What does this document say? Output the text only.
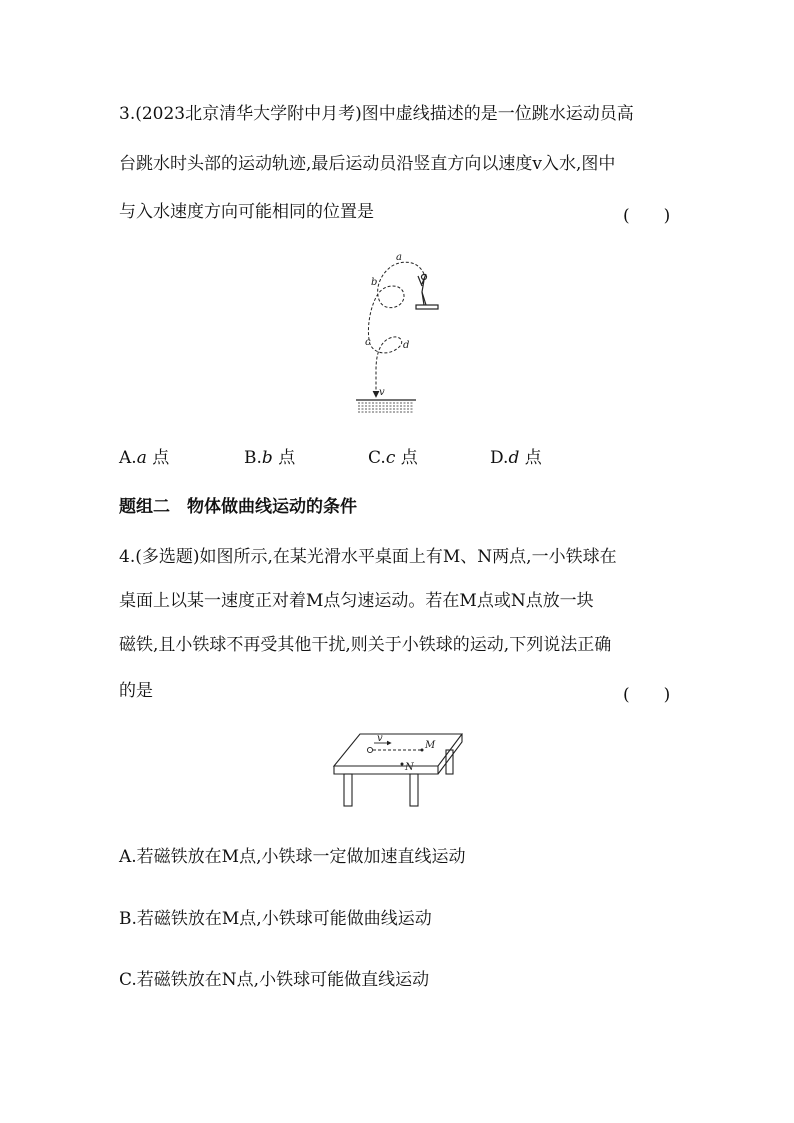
3.(2023北京清华大学附中月考)图中虚线描述的是一位跳水运动员高
台跳水时头部的运动轨迹,最后运动员沿竖直方向以速度v入水,图中
与入水速度方向可能相同的位置是	(　　)
a
b
c	d
v
A.a 点	B.b 点	C.c 点	D.d 点
题组二　物体做曲线运动的条件
4.(多选题)如图所示,在某光滑水平桌面上有M、N两点,一小铁球在
桌面上以某一速度正对着M点匀速运动。若在M点或N点放一块
磁铁,且小铁球不再受其他干扰,则关于小铁球的运动,下列说法正确
的是	(　　)
v
M
N
A.若磁铁放在M点,小铁球一定做加速直线运动
B.若磁铁放在M点,小铁球可能做曲线运动
C.若磁铁放在N点,小铁球可能做直线运动
